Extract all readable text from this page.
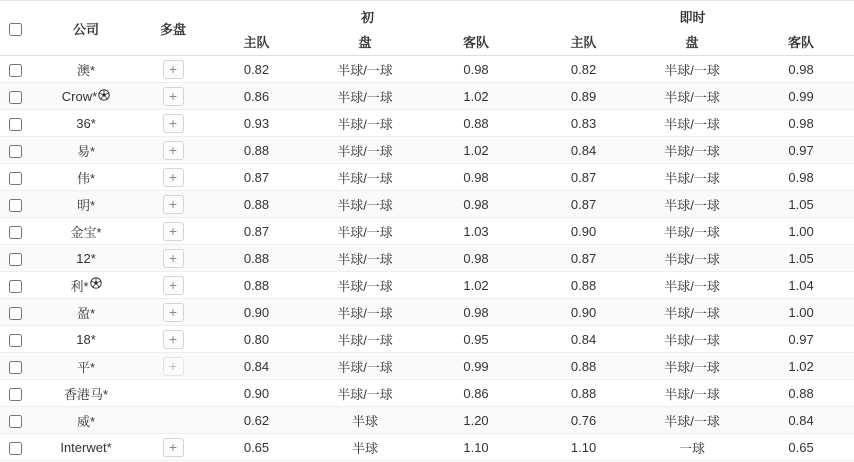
	公司	多盘	初			即时		
			主队	盘	客队	主队	盘	客队
	澳*	+	0.82	半球/一球	0.98	0.82	半球/一球	0.98
	Crow*	+	0.86	半球/一球	1.02	0.89	半球/一球	0.99
	36*	+	0.93	半球/一球	0.88	0.83	半球/一球	0.98
	易*	+	0.88	半球/一球	1.02	0.84	半球/一球	0.97
	伟*	+	0.87	半球/一球	0.98	0.87	半球/一球	0.98
	明*	+	0.88	半球/一球	0.98	0.87	半球/一球	1.05
	金宝*	+	0.87	半球/一球	1.03	0.90	半球/一球	1.00
	12*	+	0.88	半球/一球	0.98	0.87	半球/一球	1.05
	利*	+	0.88	半球/一球	1.02	0.88	半球/一球	1.04
	盈*	+	0.90	半球/一球	0.98	0.90	半球/一球	1.00
	18*	+	0.80	半球/一球	0.95	0.84	半球/一球	0.97
	平*	+	0.84	半球/一球	0.99	0.88	半球/一球	1.02
	香港马*		0.90	半球/一球	0.86	0.88	半球/一球	0.88
	威*		0.62	半球	1.20	0.76	半球/一球	0.84
	Interwet*	+	0.65	半球	1.10	1.10	一球	0.65
